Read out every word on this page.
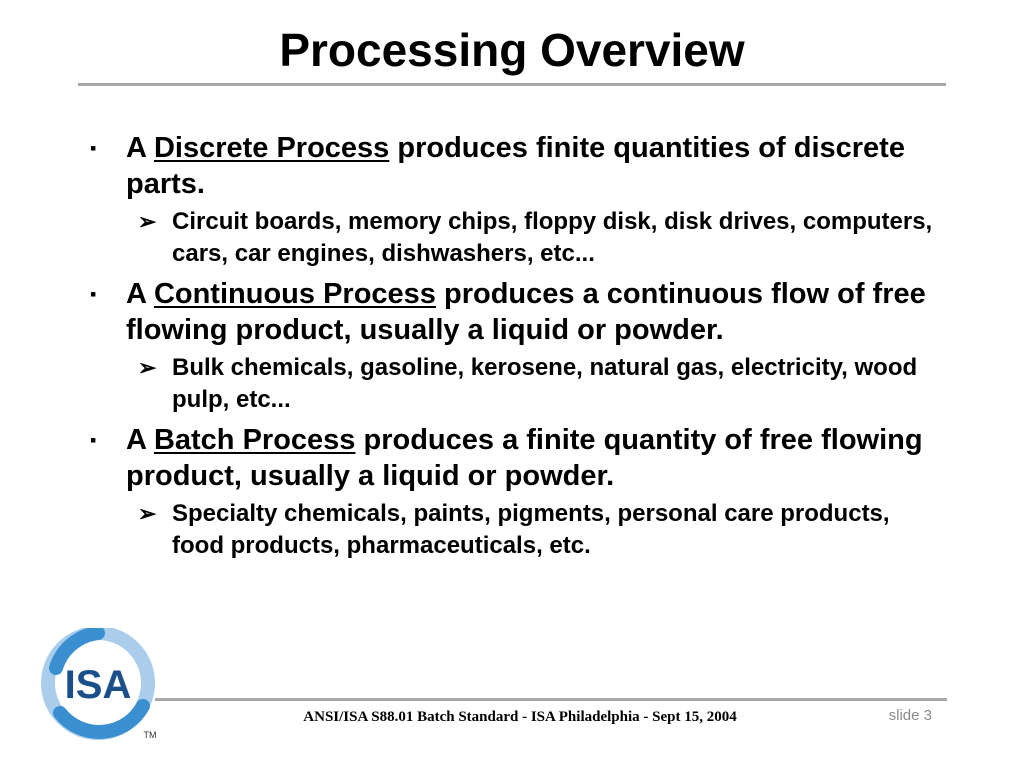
Processing Overview
▪ A Discrete Process produces finite quantities of discrete parts.
➢ Circuit boards, memory chips, floppy disk, disk drives, computers, cars, car engines, dishwashers, etc...
▪ A Continuous Process produces a continuous flow of free flowing product, usually a liquid or powder.
➢ Bulk chemicals, gasoline, kerosene, natural gas, electricity, wood pulp, etc...
▪ A Batch Process produces a finite quantity of free flowing product, usually a liquid or powder.
➢ Specialty chemicals, paints, pigments, personal care products, food products, pharmaceuticals, etc.
ISA
TM
ANSI/ISA S88.01 Batch Standard - ISA Philadelphia - Sept 15, 2004	slide 3
